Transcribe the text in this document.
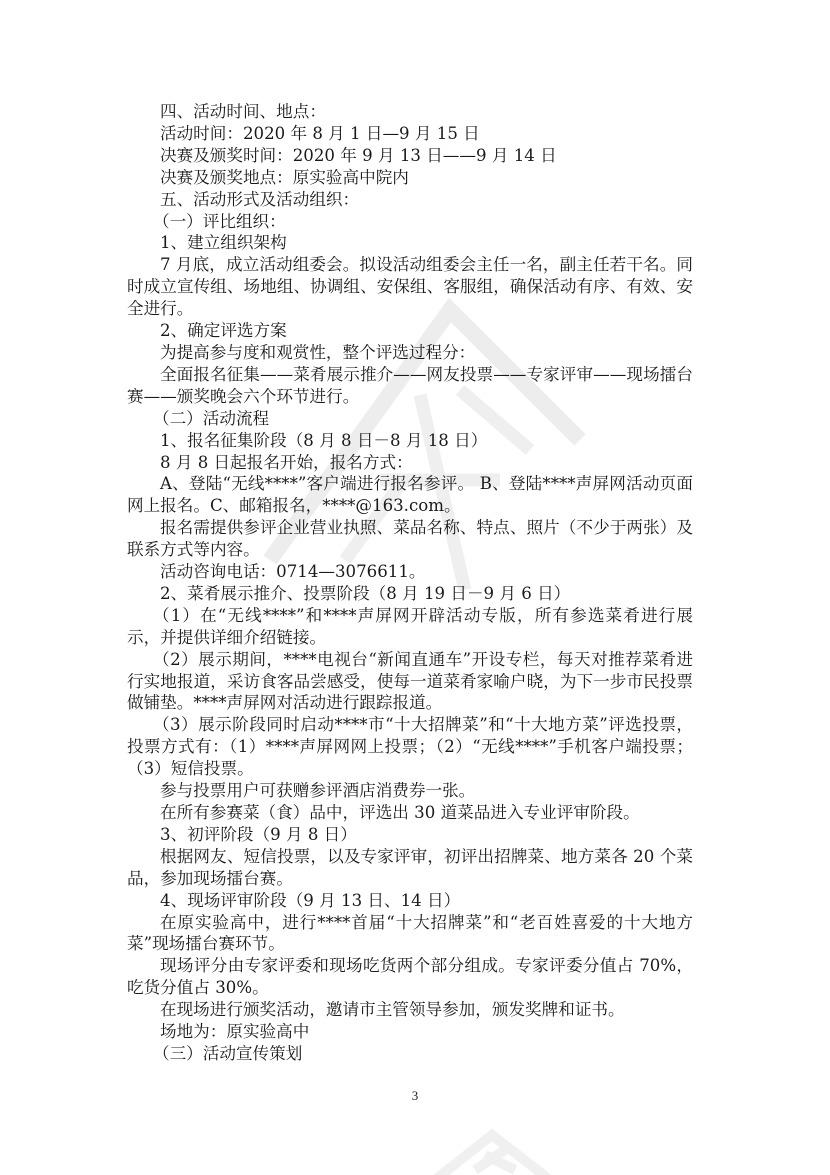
四、活动时间、地点：

活动时间：2020 年 8 月 1 日—9 月 15 日

决赛及颁奖时间：2020 年 9 月 13 日——9 月 14 日

决赛及颁奖地点：原实验高中院内

五、活动形式及活动组织：

（一）评比组织：

1、建立组织架构

7 月底，成立活动组委会。拟设活动组委会主任一名，副主任若干名。同时成立宣传组、场地组、协调组、安保组、客服组，确保活动有序、有效、安全进行。

2、确定评选方案

为提高参与度和观赏性，整个评选过程分：

全面报名征集——菜肴展示推介——网友投票——专家评审——现场擂台赛——颁奖晚会六个环节进行。

（二）活动流程

1、报名征集阶段（8 月 8 日－8 月 18 日）

8 月 8 日起报名开始，报名方式：

A、登陆“无线****”客户端进行报名参评。 B、登陆****声屏网活动页面网上报名。C、邮箱报名，****@163.com。

报名需提供参评企业营业执照、菜品名称、特点、照片（不少于两张）及联系方式等内容。

活动咨询电话：0714—3076611。

2、菜肴展示推介、投票阶段（8 月 19 日－9 月 6 日）

（1）在“无线****”和****声屏网开辟活动专版，所有参选菜肴进行展示，并提供详细介绍链接。

（2）展示期间，****电视台“新闻直通车”开设专栏，每天对推荐菜肴进行实地报道，采访食客品尝感受，使每一道菜肴家喻户晓，为下一步市民投票做铺垫。****声屏网对活动进行跟踪报道。

（3）展示阶段同时启动****市“十大招牌菜”和“十大地方菜”评选投票，投票方式有：（1）****声屏网网上投票；（2）“无线****”手机客户端投票；（3）短信投票。

参与投票用户可获赠参评酒店消费券一张。

在所有参赛菜（食）品中，评选出 30 道菜品进入专业评审阶段。

3、初评阶段（9 月 8 日）

根据网友、短信投票，以及专家评审，初评出招牌菜、地方菜各 20 个菜品，参加现场擂台赛。

4、现场评审阶段（9 月 13 日、14 日）

在原实验高中，进行****首届“十大招牌菜”和“老百姓喜爱的十大地方菜”现场擂台赛环节。

现场评分由专家评委和现场吃货两个部分组成。专家评委分值占 70%，吃货分值占 30%。

在现场进行颁奖活动，邀请市主管领导参加，颁发奖牌和证书。

场地为：原实验高中

（三）活动宣传策划

3
